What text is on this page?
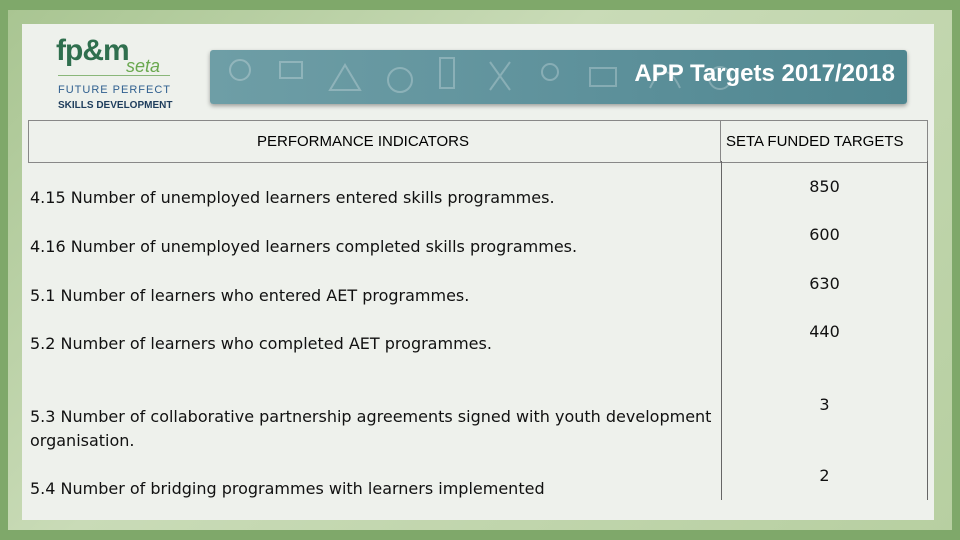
fp&m
seta
FUTURE PERFECT
SKILLS DEVELOPMENT
APP Targets 2017/2018
PERFORMANCE INDICATORS	SETA FUNDED TARGETS
4.15 Number of unemployed learners entered skills programmes.
850
4.16 Number of unemployed learners completed skills programmes.
600
5.1 Number of learners who entered AET programmes.
630
5.2 Number of learners who completed AET programmes.
440
5.3 Number of collaborative partnership agreements signed with youth development
organisation.
3
5.4 Number of bridging programmes with learners implemented
2
